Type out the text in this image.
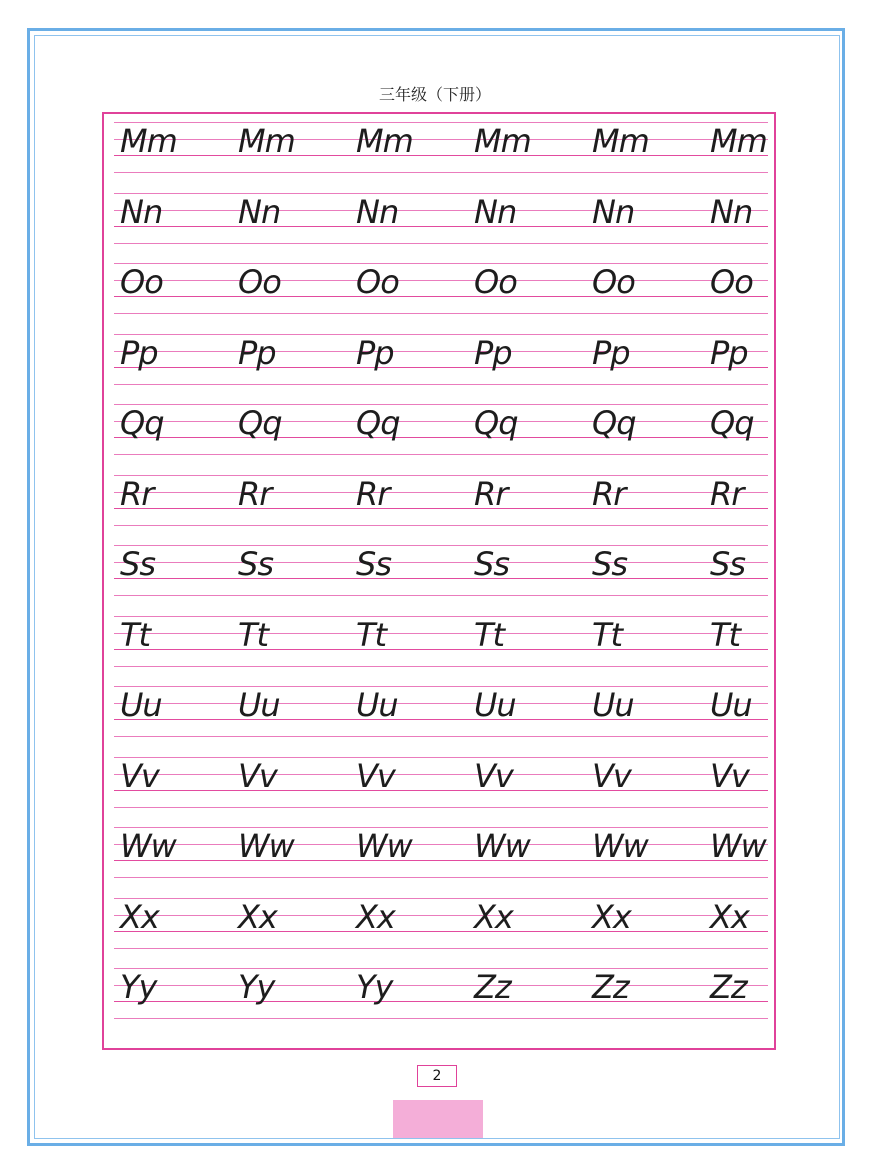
三年级（下册）
Mm	Mm	Mm	Mm	Mm	Mm
Nn	Nn	Nn	Nn	Nn	Nn
Oo	Oo	Oo	Oo	Oo	Oo
Pp	Pp	Pp	Pp	Pp	Pp
Qq	Qq	Qq	Qq	Qq	Qq
Rr	Rr	Rr	Rr	Rr	Rr
Ss	Ss	Ss	Ss	Ss	Ss
Tt	Tt	Tt	Tt	Tt	Tt
Uu	Uu	Uu	Uu	Uu	Uu
Vv	Vv	Vv	Vv	Vv	Vv
Ww	Ww	Ww	Ww	Ww	Ww
Xx	Xx	Xx	Xx	Xx	Xx
Yy	Yy	Yy	Zz	Zz	Zz
2
